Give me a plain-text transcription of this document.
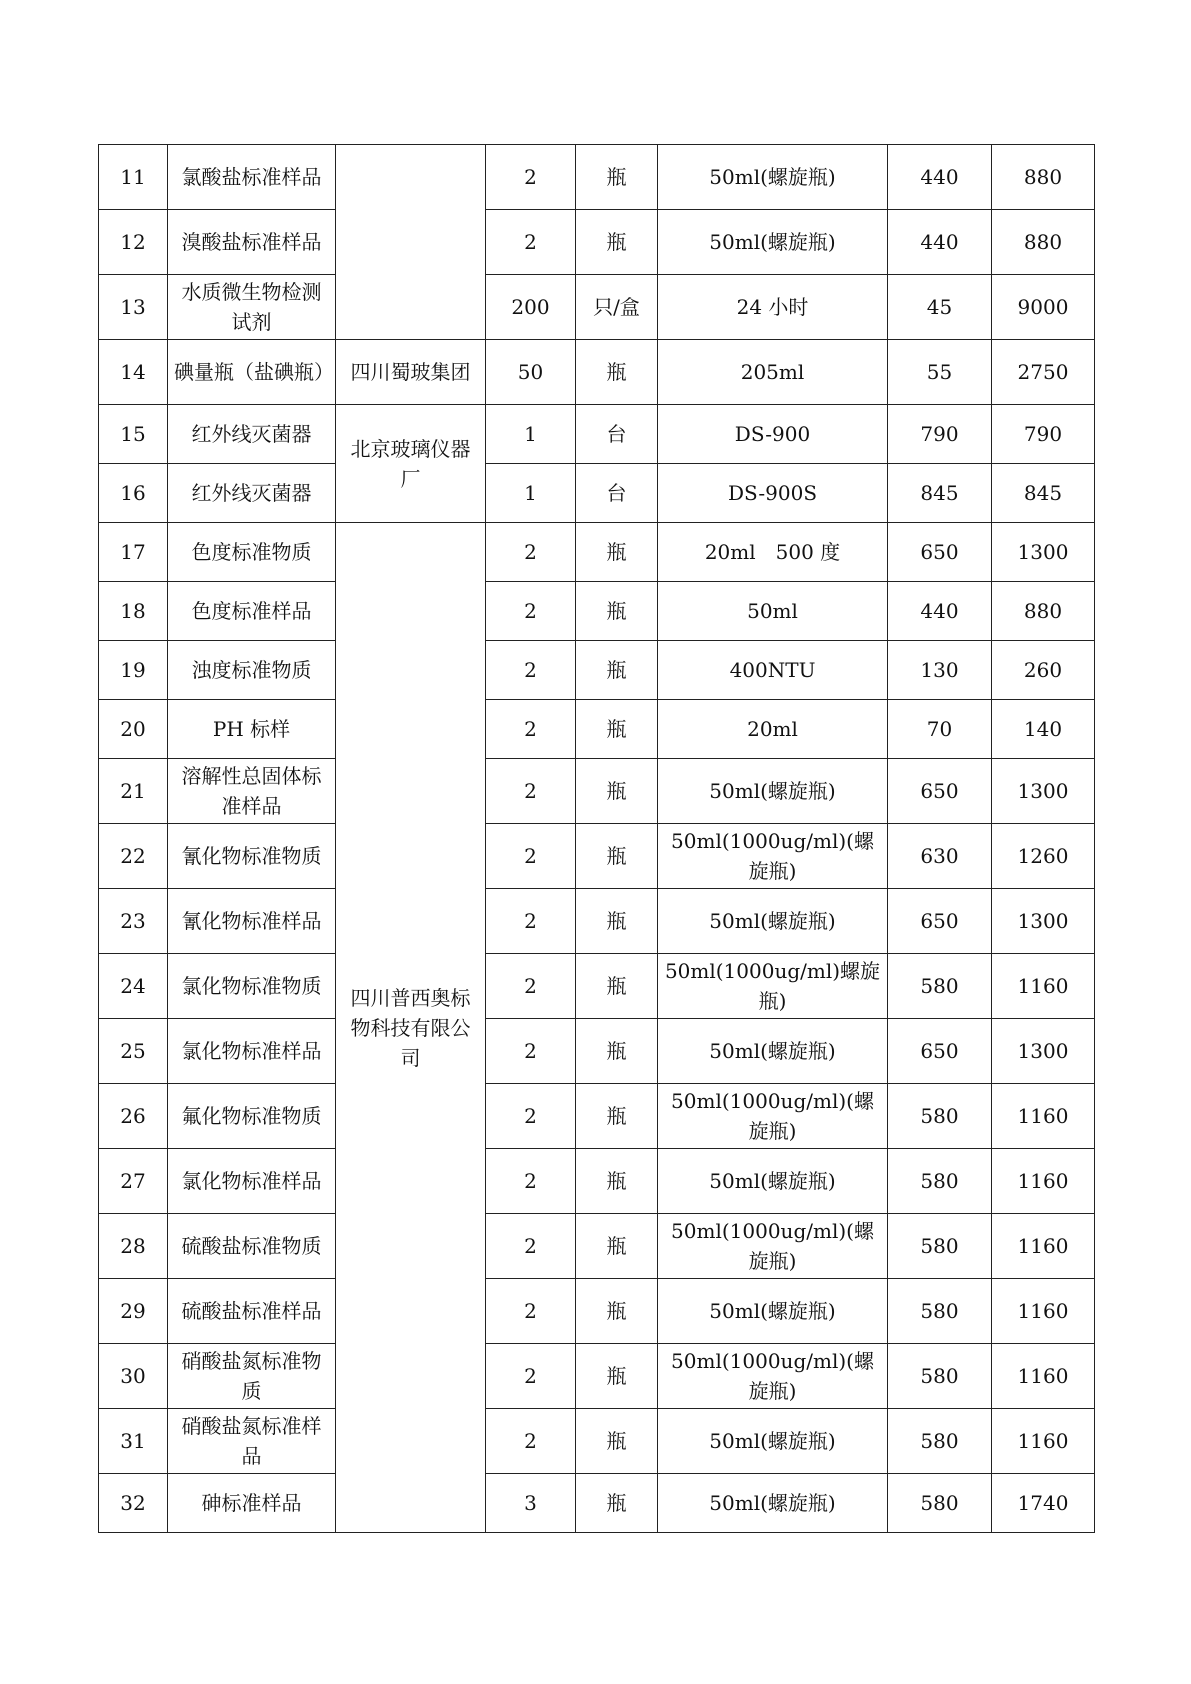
11	氯酸盐标准样品		2	瓶	50ml(螺旋瓶)	440	880
12	溴酸盐标准样品		2	瓶	50ml(螺旋瓶)	440	880
13	水质微生物检测试剂		200	只/盒	24 小时	45	9000
14	碘量瓶（盐碘瓶）	四川蜀玻集团	50	瓶	205ml	55	2750
15	红外线灭菌器	北京玻璃仪器厂	1	台	DS-900	790	790
16	红外线灭菌器		1	台	DS-900S	845	845
17	色度标准物质	四川普西奥标物科技有限公司	2	瓶	20ml　500 度	650	1300
18	色度标准样品		2	瓶	50ml	440	880
19	浊度标准物质		2	瓶	400NTU	130	260
20	PH 标样		2	瓶	20ml	70	140
21	溶解性总固体标准样品		2	瓶	50ml(螺旋瓶)	650	1300
22	氰化物标准物质		2	瓶	50ml(1000ug/ml)(螺旋瓶)	630	1260
23	氰化物标准样品		2	瓶	50ml(螺旋瓶)	650	1300
24	氯化物标准物质		2	瓶	50ml(1000ug/ml)螺旋瓶)	580	1160
25	氯化物标准样品		2	瓶	50ml(螺旋瓶)	650	1300
26	氟化物标准物质		2	瓶	50ml(1000ug/ml)(螺旋瓶)	580	1160
27	氯化物标准样品		2	瓶	50ml(螺旋瓶)	580	1160
28	硫酸盐标准物质		2	瓶	50ml(1000ug/ml)(螺旋瓶)	580	1160
29	硫酸盐标准样品		2	瓶	50ml(螺旋瓶)	580	1160
30	硝酸盐氮标准物质		2	瓶	50ml(1000ug/ml)(螺旋瓶)	580	1160
31	硝酸盐氮标准样品		2	瓶	50ml(螺旋瓶)	580	1160
32	砷标准样品		3	瓶	50ml(螺旋瓶)	580	1740
